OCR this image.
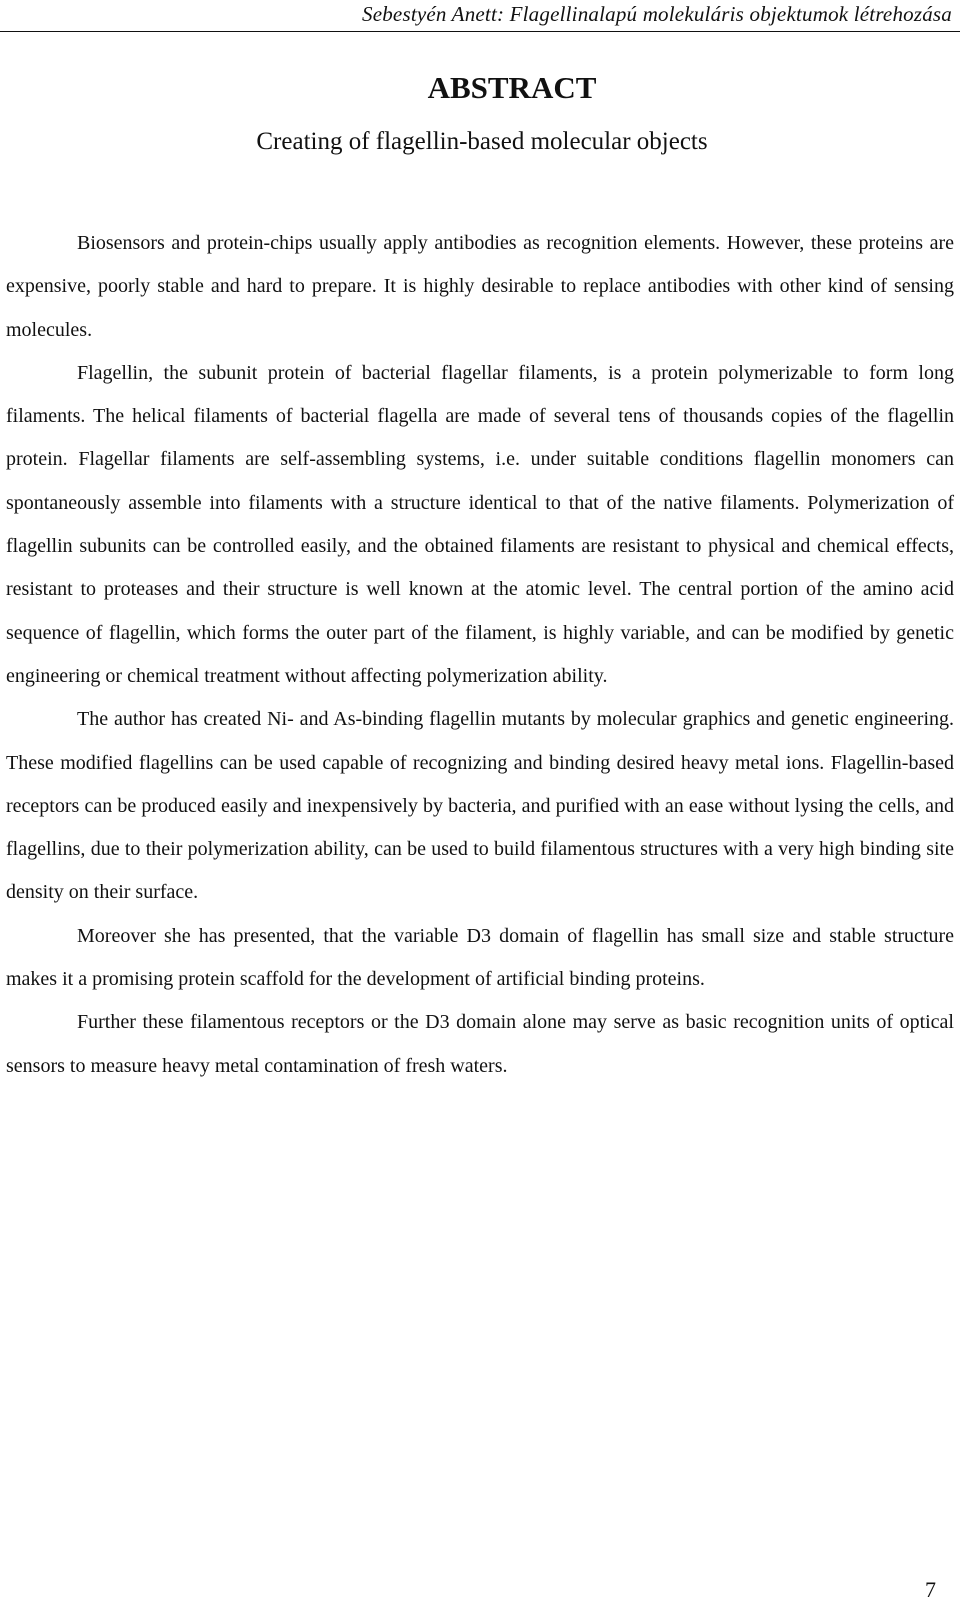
Sebestyén Anett: Flagellinalapú molekuláris objektumok létrehozása
ABSTRACT
Creating of flagellin-based molecular objects

Biosensors and protein-chips usually apply antibodies as recognition elements. However, these proteins are expensive, poorly stable and hard to prepare. It is highly desirable to replace antibodies with other kind of sensing molecules.

Flagellin, the subunit protein of bacterial flagellar filaments, is a protein polymerizable to form long filaments. The helical filaments of bacterial flagella are made of several tens of thousands copies of the flagellin protein. Flagellar filaments are self-assembling systems, i.e. under suitable conditions flagellin monomers can spontaneously assemble into filaments with a structure identical to that of the native filaments. Polymerization of flagellin subunits can be controlled easily, and the obtained filaments are resistant to physical and chemical effects, resistant to proteases and their structure is well known at the atomic level. The central portion of the amino acid sequence of flagellin, which forms the outer part of the filament, is highly variable, and can be modified by genetic engineering or chemical treatment without affecting polymerization ability.

The author has created Ni- and As-binding flagellin mutants by molecular graphics and genetic engineering. These modified flagellins can be used capable of recognizing and binding desired heavy metal ions. Flagellin-based receptors can be produced easily and inexpensively by bacteria, and purified with an ease without lysing the cells, and flagellins, due to their polymerization ability, can be used to build filamentous structures with a very high binding site density on their surface.

Moreover she has presented, that the variable D3 domain of flagellin has small size and stable structure makes it a promising protein scaffold for the development of artificial binding proteins.

Further these filamentous receptors or the D3 domain alone may serve as basic recognition units of optical sensors to measure heavy metal contamination of fresh waters.

7
